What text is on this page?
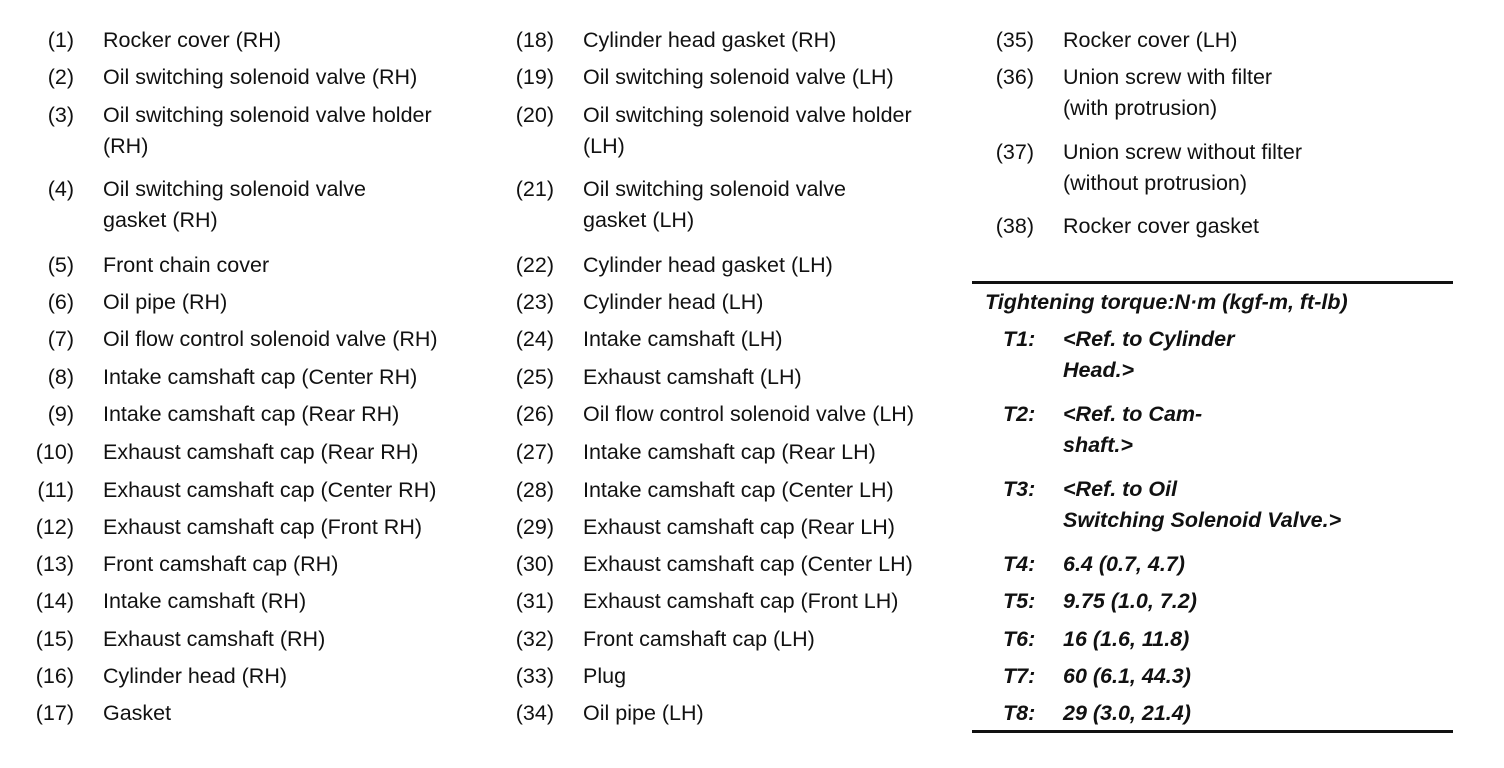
(1) Rocker cover (RH)
(2) Oil switching solenoid valve (RH)
(3) Oil switching solenoid valve holder
(RH)
(4) Oil switching solenoid valve
gasket (RH)
(5) Front chain cover
(6) Oil pipe (RH)
(7) Oil flow control solenoid valve (RH)
(8) Intake camshaft cap (Center RH)
(9) Intake camshaft cap (Rear RH)
(10) Exhaust camshaft cap (Rear RH)
(11) Exhaust camshaft cap (Center RH)
(12) Exhaust camshaft cap (Front RH)
(13) Front camshaft cap (RH)
(14) Intake camshaft (RH)
(15) Exhaust camshaft (RH)
(16) Cylinder head (RH)
(17) Gasket
(18) Cylinder head gasket (RH)
(19) Oil switching solenoid valve (LH)
(20) Oil switching solenoid valve holder
(LH)
(21) Oil switching solenoid valve
gasket (LH)
(22) Cylinder head gasket (LH)
(23) Cylinder head (LH)
(24) Intake camshaft (LH)
(25) Exhaust camshaft (LH)
(26) Oil flow control solenoid valve (LH)
(27) Intake camshaft cap (Rear LH)
(28) Intake camshaft cap (Center LH)
(29) Exhaust camshaft cap (Rear LH)
(30) Exhaust camshaft cap (Center LH)
(31) Exhaust camshaft cap (Front LH)
(32) Front camshaft cap (LH)
(33) Plug
(34) Oil pipe (LH)
(35) Rocker cover (LH)
(36) Union screw with filter
(with protrusion)
(37) Union screw without filter
(without protrusion)
(38) Rocker cover gasket
Tightening torque:N·m (kgf-m, ft-lb)
T1: <Ref. to Cylinder
Head.>
T2: <Ref. to Cam-
shaft.>
T3: <Ref. to Oil
Switching Solenoid Valve.>
T4: 6.4 (0.7, 4.7)
T5: 9.75 (1.0, 7.2)
T6: 16 (1.6, 11.8)
T7: 60 (6.1, 44.3)
T8: 29 (3.0, 21.4)
